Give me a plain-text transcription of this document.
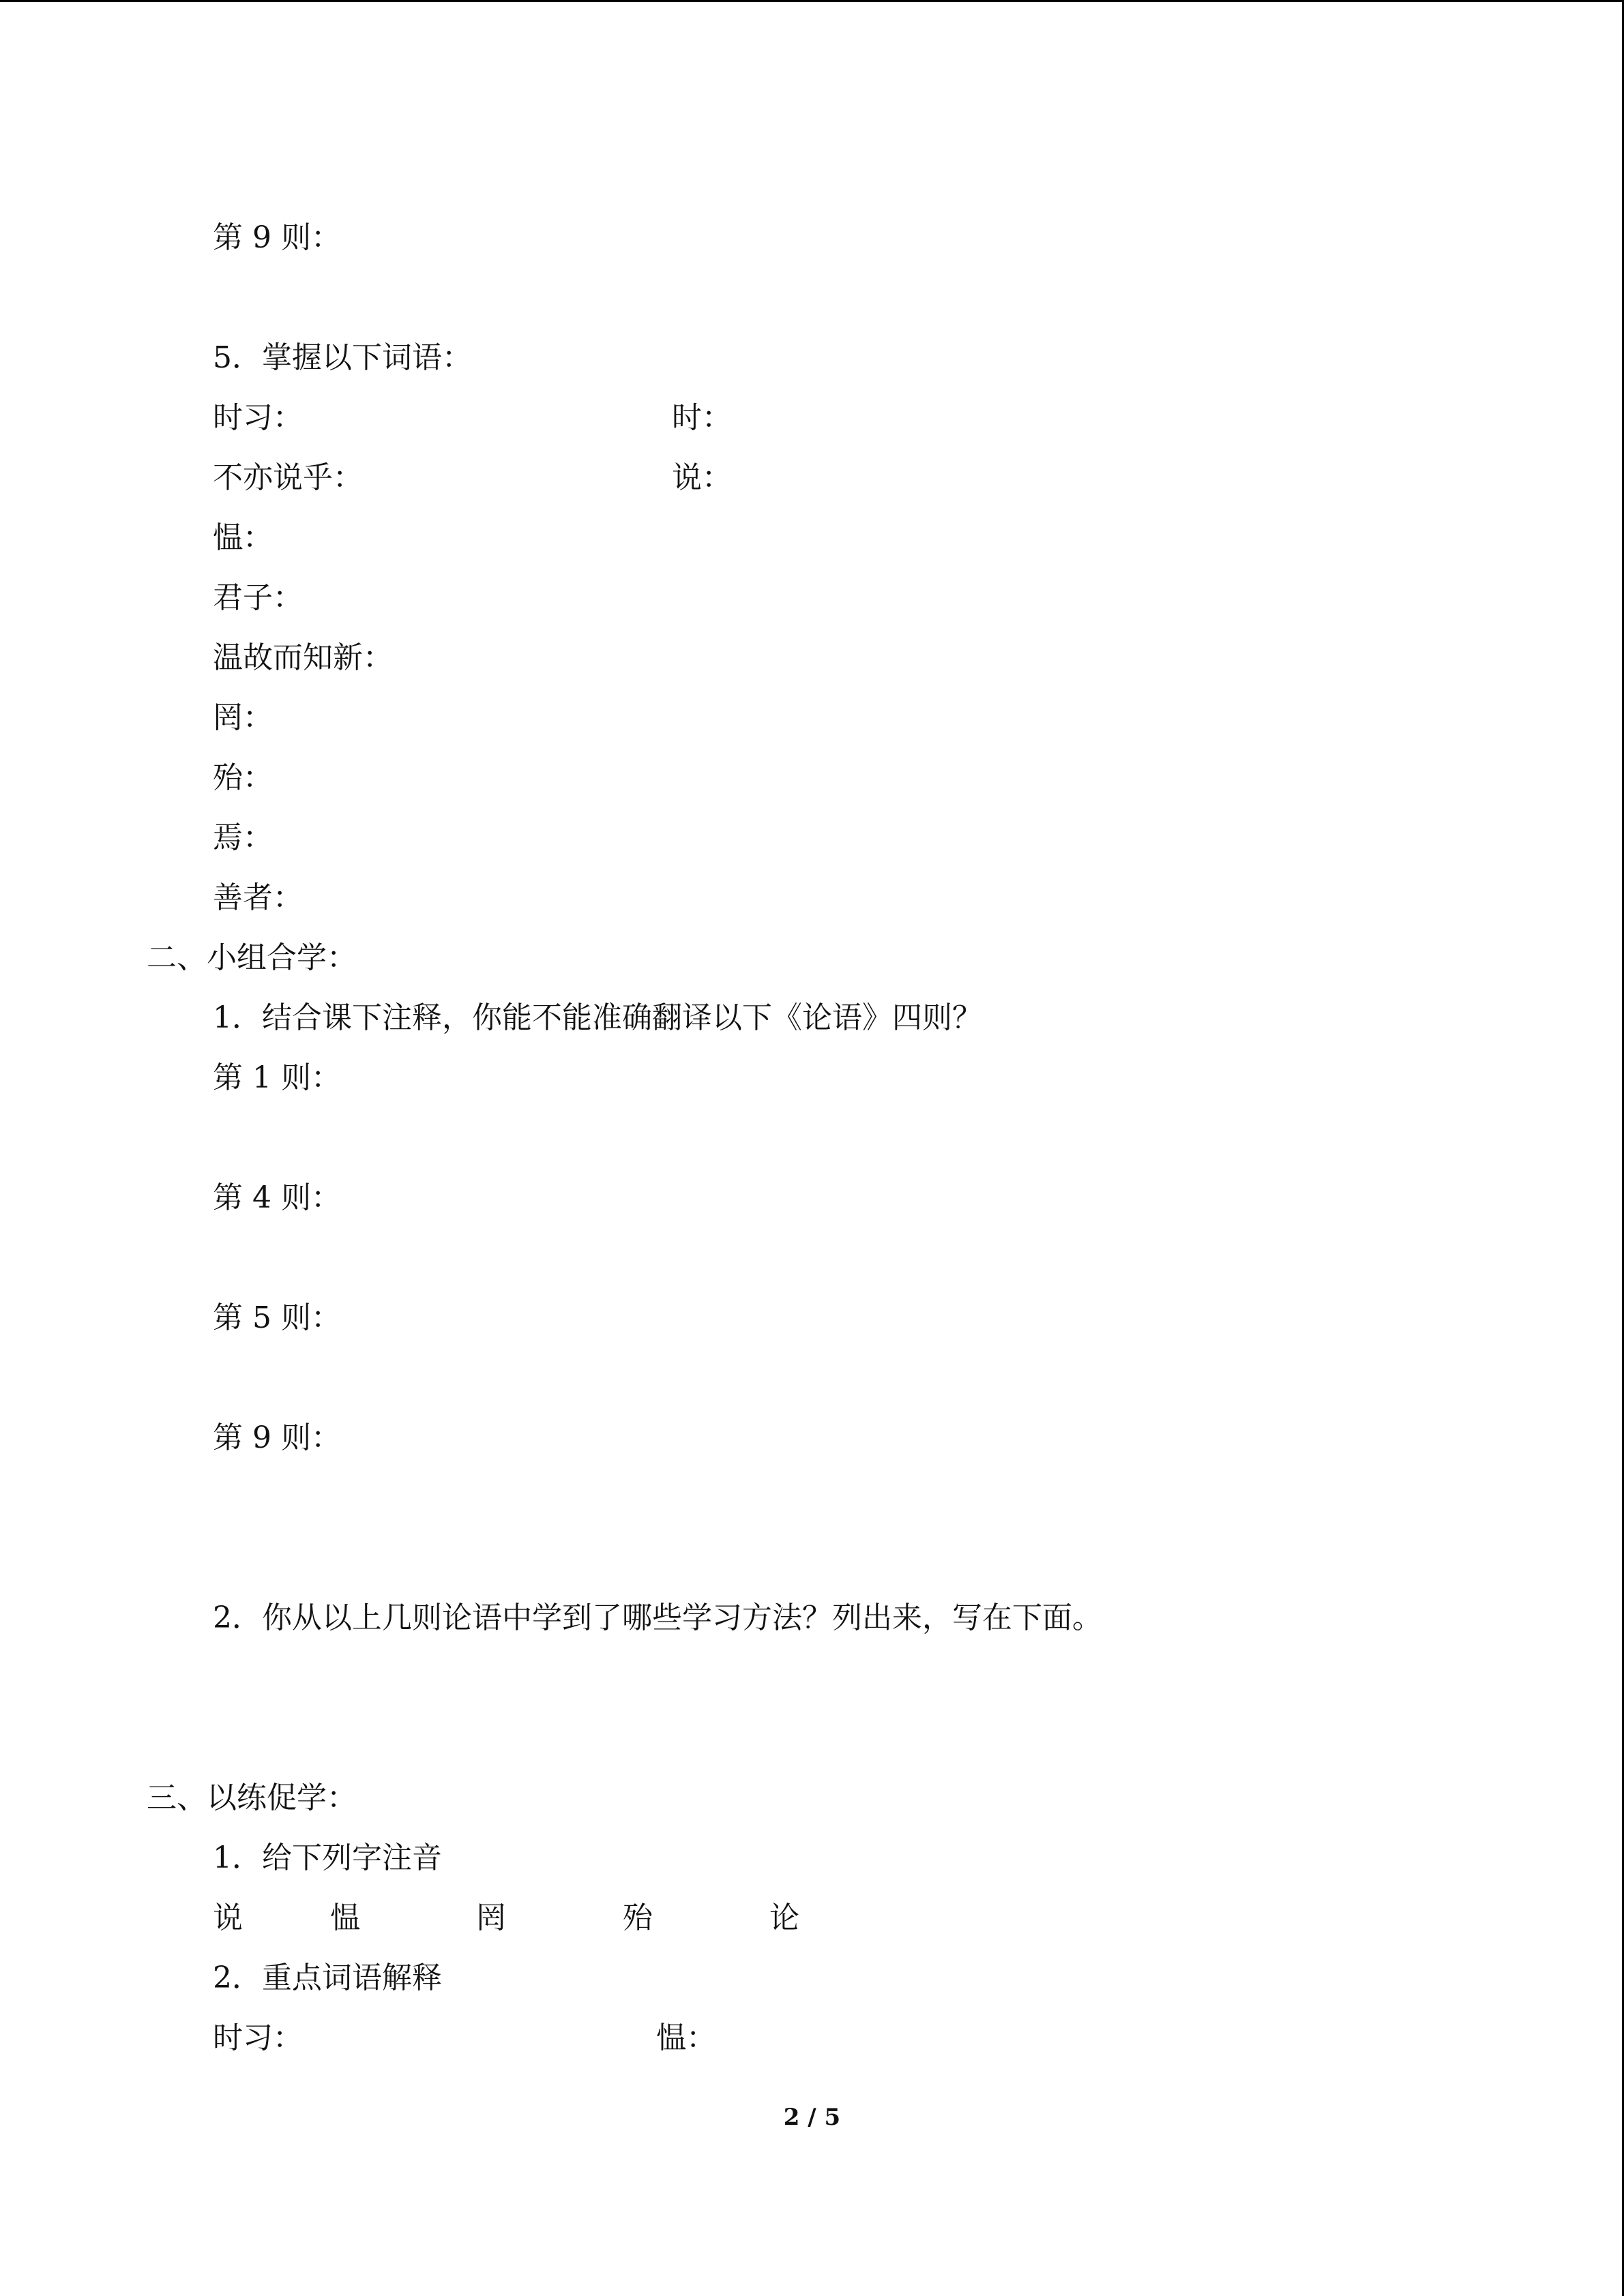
第 9 则：
5．掌握以下词语：
时习：	时：
不亦说乎：	说：
愠：
君子：
温故而知新：
罔：
殆：
焉：
善者：
二、小组合学：
1．结合课下注释，你能不能准确翻译以下《论语》四则？
第 1 则：
第 4 则：
第 5 则：
第 9 则：
2．你从以上几则论语中学到了哪些学习方法？列出来，写在下面。
三、以练促学：
1．给下列字注音
说	愠	罔	殆	论
2．重点词语解释
时习：	愠：
2 / 5
